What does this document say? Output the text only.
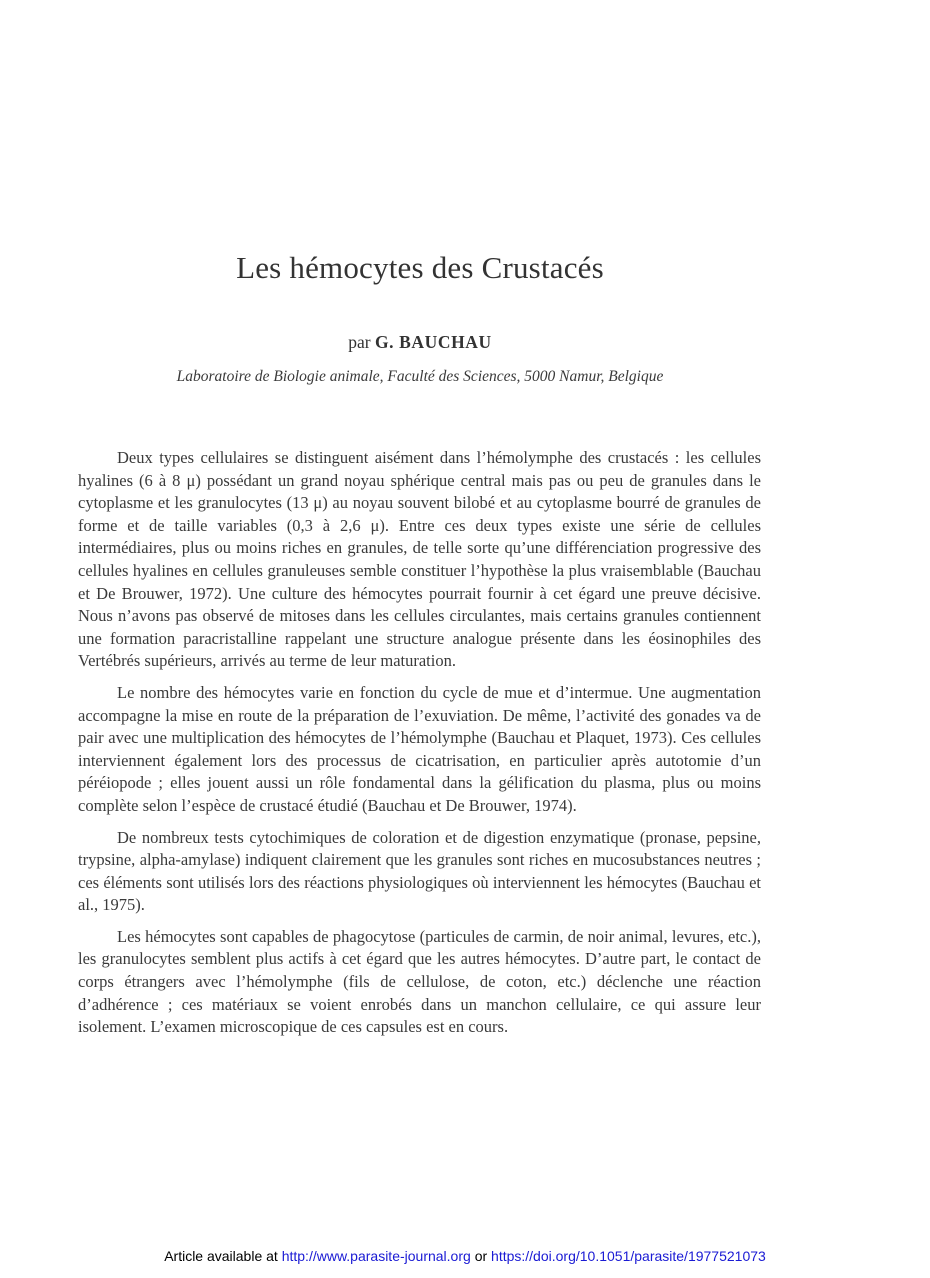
Les hémocytes des Crustacés
par G. BAUCHAU
Laboratoire de Biologie animale, Faculté des Sciences, 5000 Namur, Belgique

Deux types cellulaires se distinguent aisément dans l’hémolymphe des crustacés : les cellules hyalines (6 à 8 μ) possédant un grand noyau sphérique central mais pas ou peu de granules dans le cytoplasme et les granulocytes (13 μ) au noyau souvent bilobé et au cytoplasme bourré de granules de forme et de taille variables (0,3 à 2,6 μ). Entre ces deux types existe une série de cellules intermédiaires, plus ou moins riches en granules, de telle sorte qu’une différenciation progressive des cellules hyalines en cellules granuleuses semble constituer l’hypothèse la plus vraisemblable (Bauchau et De Brouwer, 1972). Une culture des hémocytes pourrait fournir à cet égard une preuve décisive. Nous n’avons pas observé de mitoses dans les cellules circulantes, mais certains granules contiennent une formation paracristalline rappelant une structure analogue présente dans les éosinophiles des Vertébrés supérieurs, arrivés au terme de leur maturation.

Le nombre des hémocytes varie en fonction du cycle de mue et d’intermue. Une augmentation accompagne la mise en route de la préparation de l’exuviation. De même, l’activité des gonades va de pair avec une multiplication des hémocytes de l’hémolymphe (Bauchau et Plaquet, 1973). Ces cellules interviennent également lors des processus de cicatrisation, en particulier après autotomie d’un péréiopode ; elles jouent aussi un rôle fondamental dans la gélification du plasma, plus ou moins complète selon l’espèce de crustacé étudié (Bauchau et De Brouwer, 1974).

De nombreux tests cytochimiques de coloration et de digestion enzymatique (pronase, pepsine, trypsine, alpha-amylase) indiquent clairement que les granules sont riches en mucosubstances neutres ; ces éléments sont utilisés lors des réactions physiologiques où interviennent les hémocytes (Bauchau et al., 1975).

Les hémocytes sont capables de phagocytose (particules de carmin, de noir animal, levures, etc.), les granulocytes semblent plus actifs à cet égard que les autres hémocytes. D’autre part, le contact de corps étrangers avec l’hémolymphe (fils de cellulose, de coton, etc.) déclenche une réaction d’adhérence ; ces matériaux se voient enrobés dans un manchon cellulaire, ce qui assure leur isolement. L’examen microscopique de ces capsules est en cours.

Article available at http://www.parasite-journal.org or https://doi.org/10.1051/parasite/1977521073
